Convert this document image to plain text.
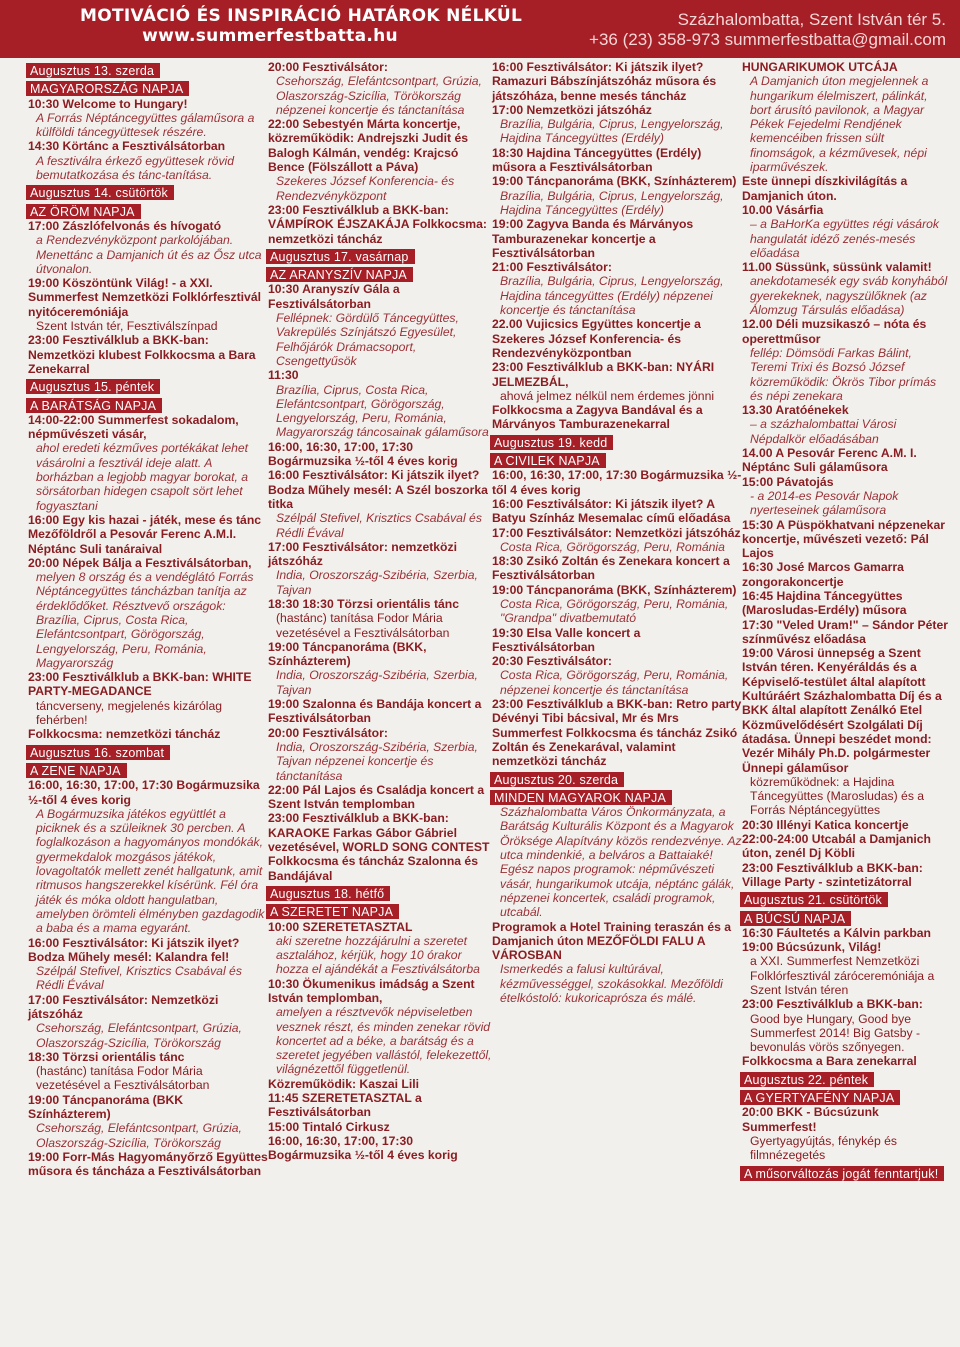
MOTIVÁCIÓ ÉS INSPIRÁCIÓ HATÁROK NÉLKÜL
www.summerfestbatta.hu
Százhalombatta, Szent István tér 5.
+36 (23) 358-973 summerfestbatta@gmail.com
Augusztus 13. szerda
MAGYARORSZÁG NAPJA
10:30 Welcome to Hungary!
A Forrás Néptáncegyüttes gálaműsora a külföldi táncegyüttesek részére.
14:30 Körtánc a Fesztiválsátorban
A fesztiválra érkező együttesek rövid bemutatkozása és tánc-tanítása.
Augusztus 14. csütörtök
AZ ÖRÖM NAPJA
17:00 Zászlófelvonás és hívogató
a Rendezvényközpont parkolójában. Menettánc a Damjanich út és az Ősz utca útvonalon.
19:00 Köszöntünk Világ! - a XXI. Summerfest Nemzetközi Folklórfesztivál nyitóceremóniája
Szent István tér, Fesztiválszínpad
23:00 Fesztiválklub a BKK-ban: Nemzetközi klubest Folkkocsma a Bara Zenekarral
Augusztus 15. péntek
A BARÁTSÁG NAPJA
14:00-22:00 Summerfest sokadalom, népművészeti vásár,
ahol eredeti kézműves portékákat lehet vásárolni a fesztivál ideje alatt. A borházban a legjobb magyar borokat, a sörsátorban hidegen csapolt sört lehet fogyasztani
16:00 Egy kis hazai - játék, mese és tánc Mezőföldről a Pesovár Ferenc A.M.I. Néptánc Suli tanáraival
20:00 Népek Bálja a Fesztiválsátorban,
melyen 8 ország és a vendéglátó Forrás Néptáncegyüttes táncházban tanítja az érdeklődőket. Résztvevő országok: Brazília, Ciprus, Costa Rica, Elefántcsontpart, Görögország, Lengyelország, Peru, Románia, Magyarország
23:00 Fesztiválklub a BKK-ban: WHITE PARTY-MEGADANCE
táncverseny, megjelenés kizárólag fehérben!
Folkkocsma: nemzetközi táncház
Augusztus 16. szombat
A ZENE NAPJA
16:00, 16:30, 17:00, 17:30 Bogármuzsika ½-től 4 éves korig
A Bogármuzsika játékos együttlét a piciknek és a szüleiknek 30 percben. A foglalkozáson a hagyományos mondókák, gyermekdalok mozgásos játékok, lovagoltatók mellett zenét hallgatunk, amit ritmusos hangszerekkel kísérünk. Fél óra játék és móka oldott hangulatban, amelyben örömteli élményben gazdagodik a baba és a mama egyaránt.
16:00 Fesztiválsátor: Ki játszik ilyet? Bodza Műhely mesél: Kalandra fel!
Szélpál Stefivel, Krisztics Csabával és Rédli Évával
17:00 Fesztiválsátor: Nemzetközi játszóház
Csehország, Elefántcsontpart, Grúzia, Olaszország-Szicília, Törökország
18:30 Törzsi orientális tánc
(hastánc) tanítása Fodor Mária vezetésével a Fesztiválsátorban
19:00 Táncpanoráma (BKK Színházterem)
Csehország, Elefántcsontpart, Grúzia, Olaszország-Szicília, Törökország
19:00 Forr-Más Hagyományőrző Együttes műsora és táncháza a Fesztiválsátorban
20:00 Fesztiválsátor:
Csehország, Elefántcsontpart, Grúzia, Olaszország-Szicília, Törökország népzenei koncertje és tánctanítása
22:00 Sebestyén Márta koncertje, közreműködik: Andrejszki Judit és Balogh Kálmán, vendég: Krajcsó Bence (Fölszállott a Páva)
Szekeres József Konferencia- és Rendezvényközpont
23:00 Fesztiválklub a BKK-ban: VÁMPÍROK ÉJSZAKÁJA Folkkocsma: nemzetközi táncház
Augusztus 17. vasárnap
AZ ARANYSZÍV NAPJA
10:30 Aranyszív Gála a Fesztiválsátorban
Fellépnek: Gördülő Táncegyüttes, Vakrepülés Színjátszó Egyesület, Felhőjárók Drámacsoport, Csengettyűsök
11:30
Brazília, Ciprus, Costa Rica, Elefántcsontpart, Görögország, Lengyelország, Peru, Románia, Magyarország táncosainak gálaműsora
16:00, 16:30, 17:00, 17:30 Bogármuzsika ½-től 4 éves korig
16:00 Fesztiválsátor: Ki játszik ilyet? Bodza Műhely mesél: A Szél boszorka titka
Szélpál Stefivel, Krisztics Csabával és Rédli Évával
17:00 Fesztiválsátor: nemzetközi játszóház
India, Oroszország-Szibéria, Szerbia, Tajvan
18:30 18:30 Törzsi orientális tánc
(hastánc) tanítása Fodor Mária vezetésével a Fesztiválsátorban
19:00 Táncpanoráma (BKK, Színházterem)
India, Oroszország-Szibéria, Szerbia, Tajvan
19:00 Szalonna és Bandája koncert a Fesztiválsátorban
20:00 Fesztiválsátor:
India, Oroszország-Szibéria, Szerbia, Tajvan népzenei koncertje és tánctanítása
22:00 Pál Lajos és Családja koncert a Szent István templomban
23:00 Fesztiválklub a BKK-ban: KARAOKE Farkas Gábor Gábriel vezetésével, WORLD SONG CONTEST Folkkocsma és táncház Szalonna és Bandájával
Augusztus 18. hétfő
A SZERETET NAPJA
10:00 SZERETETASZTAL
aki szeretne hozzájárulni a szeretet asztalához, kérjük, hogy 10 órakor hozza el ajándékát a Fesztiválsátorba
10:30 Ökumenikus imádság a Szent István templomban,
amelyen a résztvevők népviseletben vesznek részt, és minden zenekar rövid koncertet ad a béke, a barátság és a szeretet jegyében vallástól, felekezettől, világnézettől függetlenül.
Közreműködik: Kaszai Lili
11:45 SZERETETASZTAL a Fesztiválsátorban
15:00 Tintaló Cirkusz
16:00, 16:30, 17:00, 17:30 Bogármuzsika ½-től 4 éves korig
16:00 Fesztiválsátor: Ki játszik ilyet? Ramazuri Bábszínjátszóház műsora és játszóháza, benne mesés táncház
17:00 Nemzetközi játszóház
Brazília, Bulgária, Ciprus, Lengyelország, Hajdina Táncegyüttes (Erdély)
18:30 Hajdina Táncegyüttes (Erdély) műsora a Fesztiválsátorban
19:00 Táncpanoráma (BKK, Színházterem)
Brazília, Bulgária, Ciprus, Lengyelország, Hajdina Táncegyüttes (Erdély)
19:00 Zagyva Banda és Márványos Tamburazenekar koncertje a Fesztiválsátorban
21:00 Fesztiválsátor:
Brazília, Bulgária, Ciprus, Lengyelország, Hajdina táncegyüttes (Erdély) népzenei koncertje és tánctanítása
22.00 Vujicsics Együttes koncertje a Szekeres József Konferencia- és Rendezvényközpontban
23:00 Fesztiválklub a BKK-ban: NYÁRI JELMEZBÁL,
ahová jelmez nélkül nem érdemes jönni
Folkkocsma a Zagyva Bandával és a Márványos Tamburazenekarral
Augusztus 19. kedd
A CIVILEK NAPJA
16:00, 16:30, 17:00, 17:30 Bogármuzsika ½-től 4 éves korig
16:00 Fesztiválsátor: Ki játszik ilyet? A Batyu Színház Mesemalac című előadása
17:00 Fesztiválsátor: Nemzetközi játszóház
Costa Rica, Görögország, Peru, Románia
18:30 Zsikó Zoltán és Zenekara koncert a Fesztiválsátorban
19:00 Táncpanoráma (BKK, Színházterem)
Costa Rica, Görögország, Peru, Románia, "Grandpa" divatbemutató
19:30 Elsa Valle koncert a Fesztiválsátorban
20:30 Fesztiválsátor:
Costa Rica, Görögország, Peru, Románia, népzenei koncertje és tánctanítása
23:00 Fesztiválklub a BKK-ban: Retro party Dévényi Tibi bácsival, Mr és Mrs Summerfest Folkkocsma és táncház Zsikó Zoltán és Zenekarával, valamint nemzetközi táncház
Augusztus 20. szerda
MINDEN MAGYAROK NAPJA
Százhalombatta Város Önkormányzata, a Barátság Kulturális Központ és a Magyarok Öröksége Alapítvány közös rendezvénye. Az utca mindenkié, a belváros a Battaiaké! Egész napos programok: népművészeti vásár, hungarikumok utcája, néptánc gálák, népzenei koncertek, családi programok, utcabál.
Programok a Hotel Training teraszán és a Damjanich úton MEZŐFÖLDI FALU A VÁROSBAN
Ismerkedés a falusi kultúrával, kézművességgel, szokásokkal. Mezőföldi ételkóstoló: kukoricaprósza és málé.
HUNGARIKUMOK UTCÁJA
A Damjanich úton megjelennek a hungarikum élelmiszert, pálinkát, bort árusító pavilonok, a Magyar Pékek Fejedelmi Rendjének kemencéiben frissen sült finomságok, a kézművesek, népi iparművészek.
Este ünnepi díszkivilágítás a Damjanich úton.
10.00 Vásárfia
– a BaHorKa együttes régi vásárok hangulatát idéző zenés-mesés előadása
11.00 Süssünk, süssünk valamit!
anekdotamesék egy sváb konyhából gyerekeknek, nagyszülőknek (az Álomzug Társulás előadása)
12.00 Déli muzsikaszó – nóta és operettműsor
fellép: Dömsödi Farkas Bálint, Teremi Trixi és Bozsó József közreműködik: Ökrös Tibor prímás és népi zenekara
13.30 Aratóénekek
– a százhalombattai Városi Népdalkör előadásában
14.00 A Pesovár Ferenc A.M. I. Néptánc Suli gálaműsora
15:00 Pávatojás
- a 2014-es Pesovár Napok nyerteseinek gálaműsora
15:30 A Püspökhatvani népzenekar koncertje, művészeti vezető: Pál Lajos
16:30 José Marcos Gamarra zongorakoncertje
16:45 Hajdina Táncegyüttes (Marosludas-Erdély) műsora
17:30 "Veled Uram!" – Sándor Péter színművész előadása
19:00 Városi ünnepség a Szent István téren. Kenyéráldás és a Képviselő-testület által alapított Kultúráért Százhalombatta Díj és a BKK által alapított Zenálkó Etel Közművelődésért Szolgálati Díj átadása. Ünnepi beszédet mond: Vezér Mihály Ph.D. polgármester
Ünnepi gálaműsor
közreműködnek: a Hajdina Táncegyüttes (Marosludas) és a Forrás Néptáncegyüttes
20:30 Illényi Katica koncertje
22:00-24:00 Utcabál a Damjanich úton, zenél Dj Köbli
23:00 Fesztiválklub a BKK-ban: Village Party - szintetizátorral
Augusztus 21. csütörtök
A BÚCSÚ NAPJA
16:30 Fáultetés a Kálvin parkban
19:00 Búcsúzunk, Világ!
a XXI. Summerfest Nemzetközi Folklórfesztivál záróceremóniája a Szent István téren
23:00 Fesztiválklub a BKK-ban:
Good bye Hungary, Good bye Summerfest 2014! Big Gatsby - bevonulás vörös szőnyegen.
Folkkocsma a Bara zenekarral
Augusztus 22. péntek
A GYERTYAFÉNY NAPJA
20:00 BKK - Búcsúzunk Summerfest!
Gyertyagyújtás, fénykép és filmnézegetés
A műsorváltozás jogát fenntartjuk!
